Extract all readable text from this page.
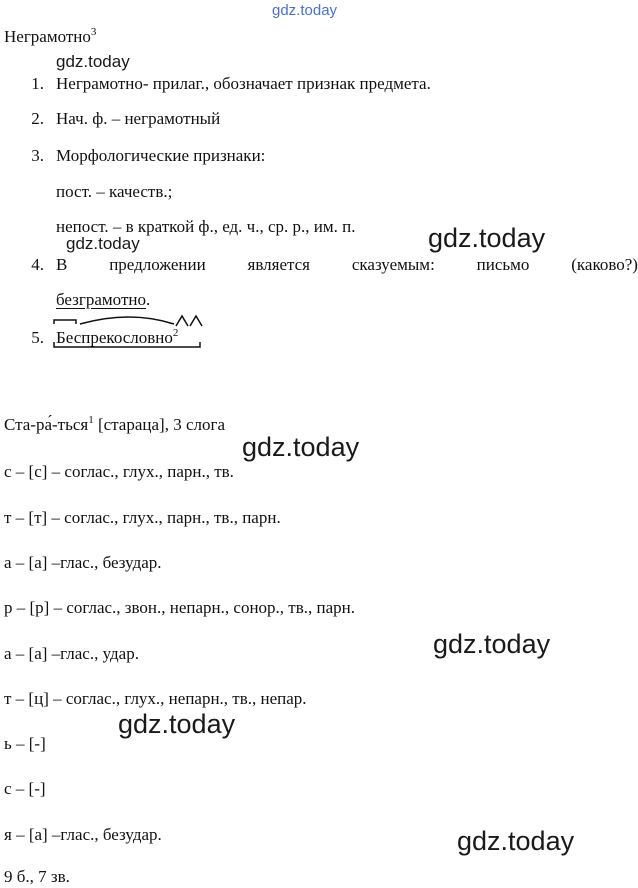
gdz.today
gdz.today
gdz.today	gdz.today
gdz.today
gdz.today
gdz.today
gdz.today
Неграмотно$^3$
1. Неграмотно- прилаг., обозначает признак предмета.
2. Нач. ф. – неграмотный
3. Морфологические признаки:
пост. – качеств.;
непост. – в краткой ф., ед. ч., ср. р., им. п.
4. В предложении является сказуемым: письмо (каково?)
безграмотно.
5. Беспрекословно$^2$
Ста-ра́-ться$^1$ [стараца], 3 слога
с – [с] – соглас., глух., парн., тв.
т – [т] – соглас., глух., парн., тв., парн.
а – [а] –глас., безудар.
р – [р] – соглас., звон., непарн., сонор., тв., парн.
а – [а] –глас., удар.
т – [ц] – соглас., глух., непарн., тв., непар.
ь – [-]
с – [-]
я – [а] –глас., безудар.
9 б., 7 зв.
